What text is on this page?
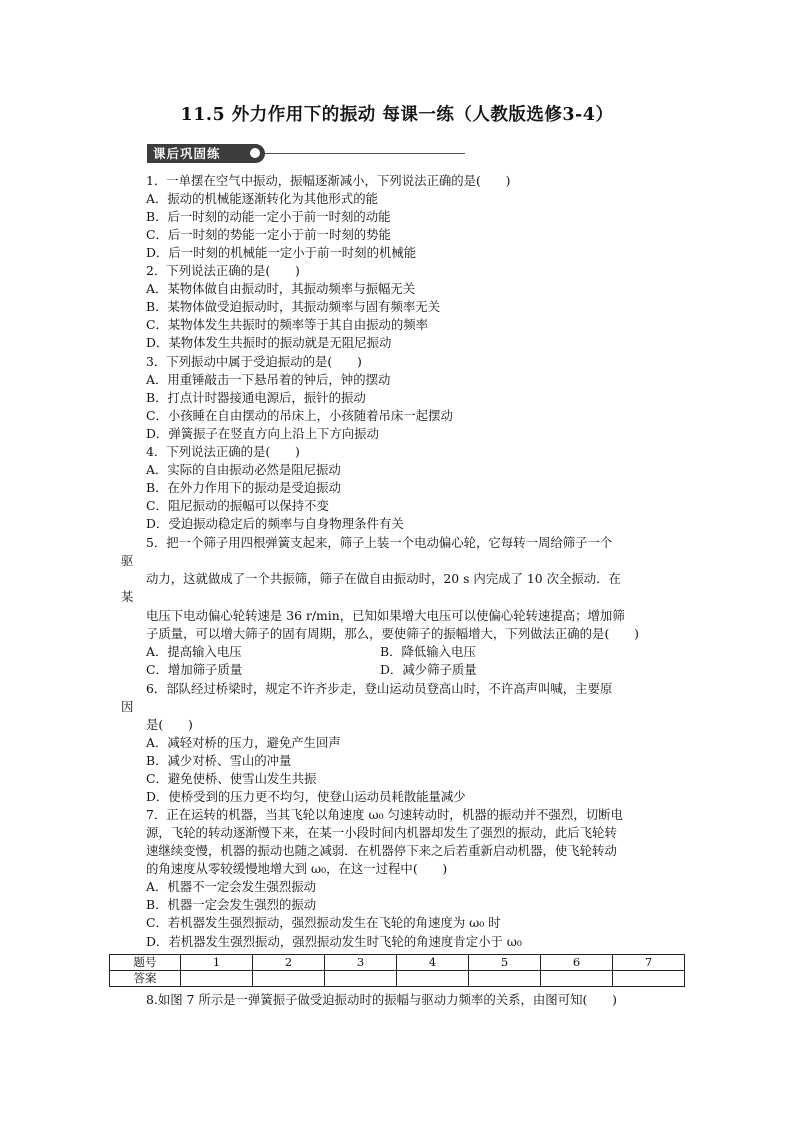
11.5 外力作用下的振动 每课一练（人教版选修3-4）
课后巩固练
1．一单摆在空气中振动，振幅逐渐减小，下列说法正确的是(　　)
A．振动的机械能逐渐转化为其他形式的能
B．后一时刻的动能一定小于前一时刻的动能
C．后一时刻的势能一定小于前一时刻的势能
D．后一时刻的机械能一定小于前一时刻的机械能
2．下列说法正确的是(　　)
A．某物体做自由振动时，其振动频率与振幅无关
B．某物体做受迫振动时，其振动频率与固有频率无关
C．某物体发生共振时的频率等于其自由振动的频率
D．某物体发生共振时的振动就是无阻尼振动
3．下列振动中属于受迫振动的是(　　)
A．用重锤敲击一下悬吊着的钟后，钟的摆动
B．打点计时器接通电源后，振针的振动
C．小孩睡在自由摆动的吊床上，小孩随着吊床一起摆动
D．弹簧振子在竖直方向上沿上下方向振动
4．下列说法正确的是(　　)
A．实际的自由振动必然是阻尼振动
B．在外力作用下的振动是受迫振动
C．阻尼振动的振幅可以保持不变
D．受迫振动稳定后的频率与自身物理条件有关
5．把一个筛子用四根弹簧支起来，筛子上装一个电动偏心轮，它每转一周给筛子一个
驱
动力，这就做成了一个共振筛，筛子在做自由振动时，20 s 内完成了 10 次全振动．在
某
电压下电动偏心轮转速是 36 r/min，已知如果增大电压可以使偏心轮转速提高；增加筛
子质量，可以增大筛子的固有周期，那么，要使筛子的振幅增大，下列做法正确的是(　　)
A．提高输入电压	B．降低输入电压
C．增加筛子质量	D．减少筛子质量
6．部队经过桥梁时，规定不许齐步走，登山运动员登高山时，不许高声叫喊，主要原
因
是(　　)
A．减轻对桥的压力，避免产生回声
B．减少对桥、雪山的冲量
C．避免使桥、使雪山发生共振
D．使桥受到的压力更不均匀，使登山运动员耗散能量减少
7．正在运转的机器，当其飞轮以角速度 ω₀ 匀速转动时，机器的振动并不强烈，切断电
源，飞轮的转动逐渐慢下来，在某一小段时间内机器却发生了强烈的振动，此后飞轮转
速继续变慢，机器的振动也随之减弱．在机器停下来之后若重新启动机器，使飞轮转动
的角速度从零较缓慢地增大到 ω₀，在这一过程中(　　)
A．机器不一定会发生强烈振动
B．机器一定会发生强烈的振动
C．若机器发生强烈振动，强烈振动发生在飞轮的角速度为 ω₀ 时
D．若机器发生强烈振动，强烈振动发生时飞轮的角速度肯定小于 ω₀
题号	1	2	3	4	5	6	7
答案							
8.如图 7 所示是一弹簧振子做受迫振动时的振幅与驱动力频率的关系，由图可知(　　)
